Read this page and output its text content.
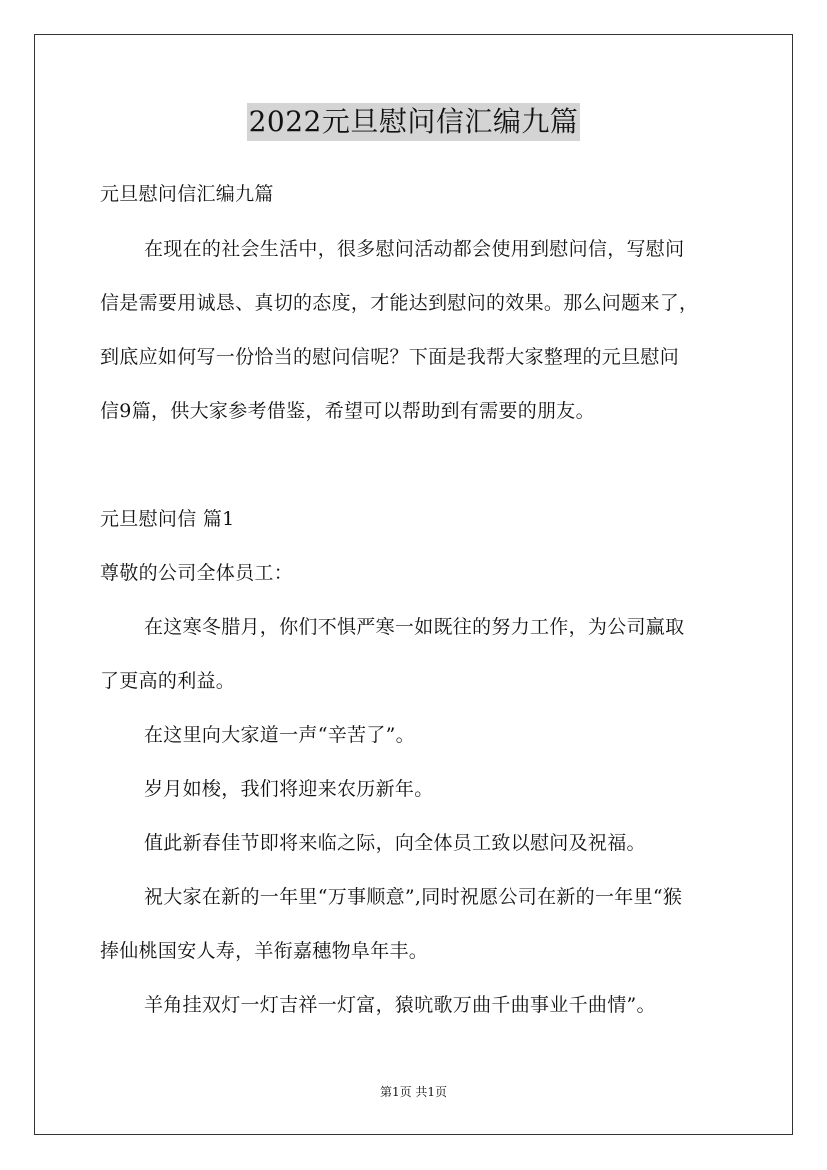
2022元旦慰问信汇编九篇
元旦慰问信汇编九篇
在现在的社会生活中，很多慰问活动都会使用到慰问信，写慰问
信是需要用诚恳、真切的态度，才能达到慰问的效果。那么问题来了，
到底应如何写一份恰当的慰问信呢？下面是我帮大家整理的元旦慰问
信9篇，供大家参考借鉴，希望可以帮助到有需要的朋友。
元旦慰问信 篇1
尊敬的公司全体员工：
在这寒冬腊月，你们不惧严寒一如既往的努力工作，为公司赢取
了更高的利益。
在这里向大家道一声“辛苦了”。
岁月如梭，我们将迎来农历新年。
值此新春佳节即将来临之际，向全体员工致以慰问及祝福。
祝大家在新的一年里“万事顺意”,同时祝愿公司在新的一年里“猴
捧仙桃国安人寿，羊衔嘉穗物阜年丰。
羊角挂双灯一灯吉祥一灯富，猿吭歌万曲千曲事业千曲情”。
第1页 共1页
